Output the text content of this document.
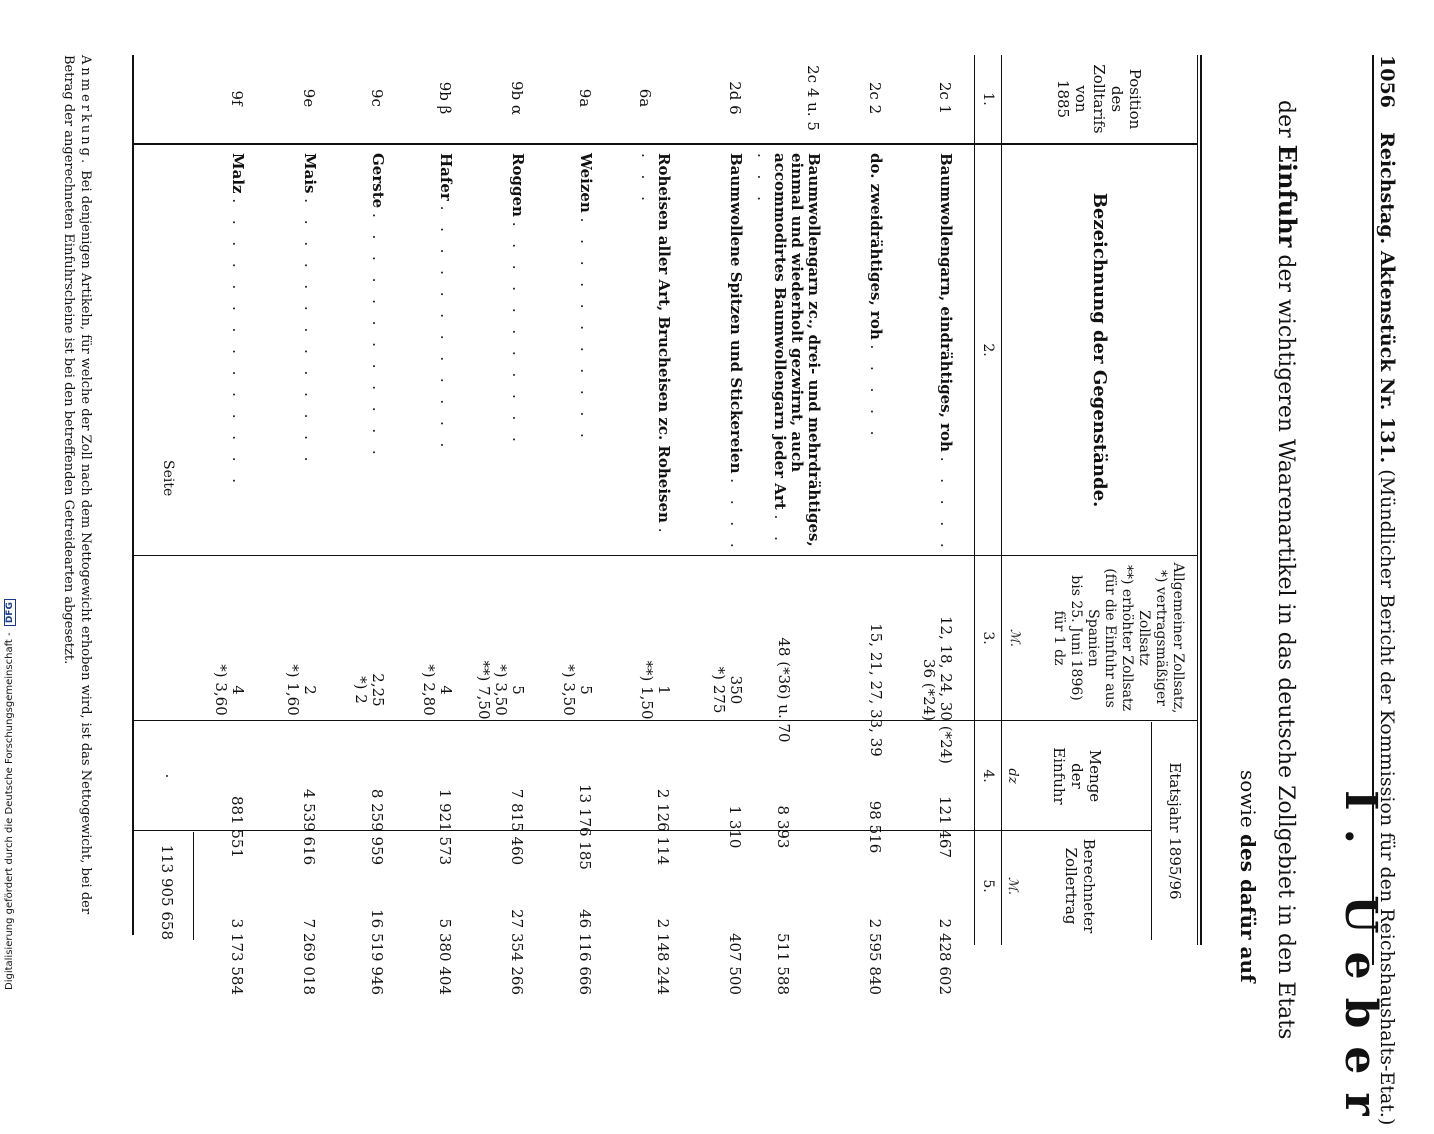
1056    Reichstag. Aktenstück Nr. 131. (Mündlicher Bericht der Kommission für den Reichshaushalts-Etat.)
I. Ueber
der Einfuhr der wichtigeren Waarenartikel in das deutsche Zollgebiet in den Etats
sowie des dafür auf
Position
des
Zolltarifs
von
1885
Bezeichnung der Gegenstände.
Allgemeiner Zollsatz,
*) vertragsmäßiger
Zollsatz
**) erhöhter Zollsatz
(für die Einfuhr aus
Spanien
bis 25. Juni 1896)
für 1 dz
Etatsjahr 1895/96
Menge
der
Einfuhr
Berechneter
Zollertrag
ℳ.
dz
ℳ.
1.
2.
3.
4.
5.
2c 1
Baumwollengarn, eindrähtiges, roh . . . . .
12, 18, 24, 30 (*24)
36 (*24)
121 467
2 428 602
2c 2
do. zweidrähtiges, roh . . . . .
15, 21, 27, 33, 39
98 516
2 595 840
2c 4 u. 5
Baumwollengarn zc., drei- und mehrdrähtiges, einmal und wiederholt gezwirnt, auch accommodirtes Baumwollengarn jeder Art . . . . .
48 (*36) u. 70
8 393
511 588
2d 6
Baumwollene Spitzen und Stickereien . . . .
350
*) 275
1 310
407 500
6a
Roheisen aller Art, Brucheisen zc. Roheisen . . . .
1
**) 1,50
2 126 114
2 148 244
9a
Weizen . . . . . . . . . . .
5
*) 3,50
13 176 185
46 116 666
9b α
Roggen . . . . . . . . . . .
5
*) 3,50
**) 7,50
7 815 460
27 354 266
9b β
Hafer . . . . . . . . . . . .
4
*) 2,80
1 921 573
5 380 404
9c
Gerste . . . . . . . . . . . .
2,25
*) 2
8 259 959
16 519 946
9e
Mais . . . . . . . . . . . . .
2
*) 1,60
4 539 616
7 269 018
9f
Malz . . . . . . . . . . . . . .
4
*) 3,60
881 551
3 173 584
Seite
·
113 905 658
Anmerkung. Bei denjenigen Artikeln, für welche der Zoll nach dem Nettogewicht erhoben wird, ist das Nettogewicht, bei der Betrag der angerechneten Einfuhrscheine ist bei den betreffenden Getreidearten abgesetzt.
Digitalisierung gefördert durch die Deutsche Forschungsgemeinschaft - DFG
